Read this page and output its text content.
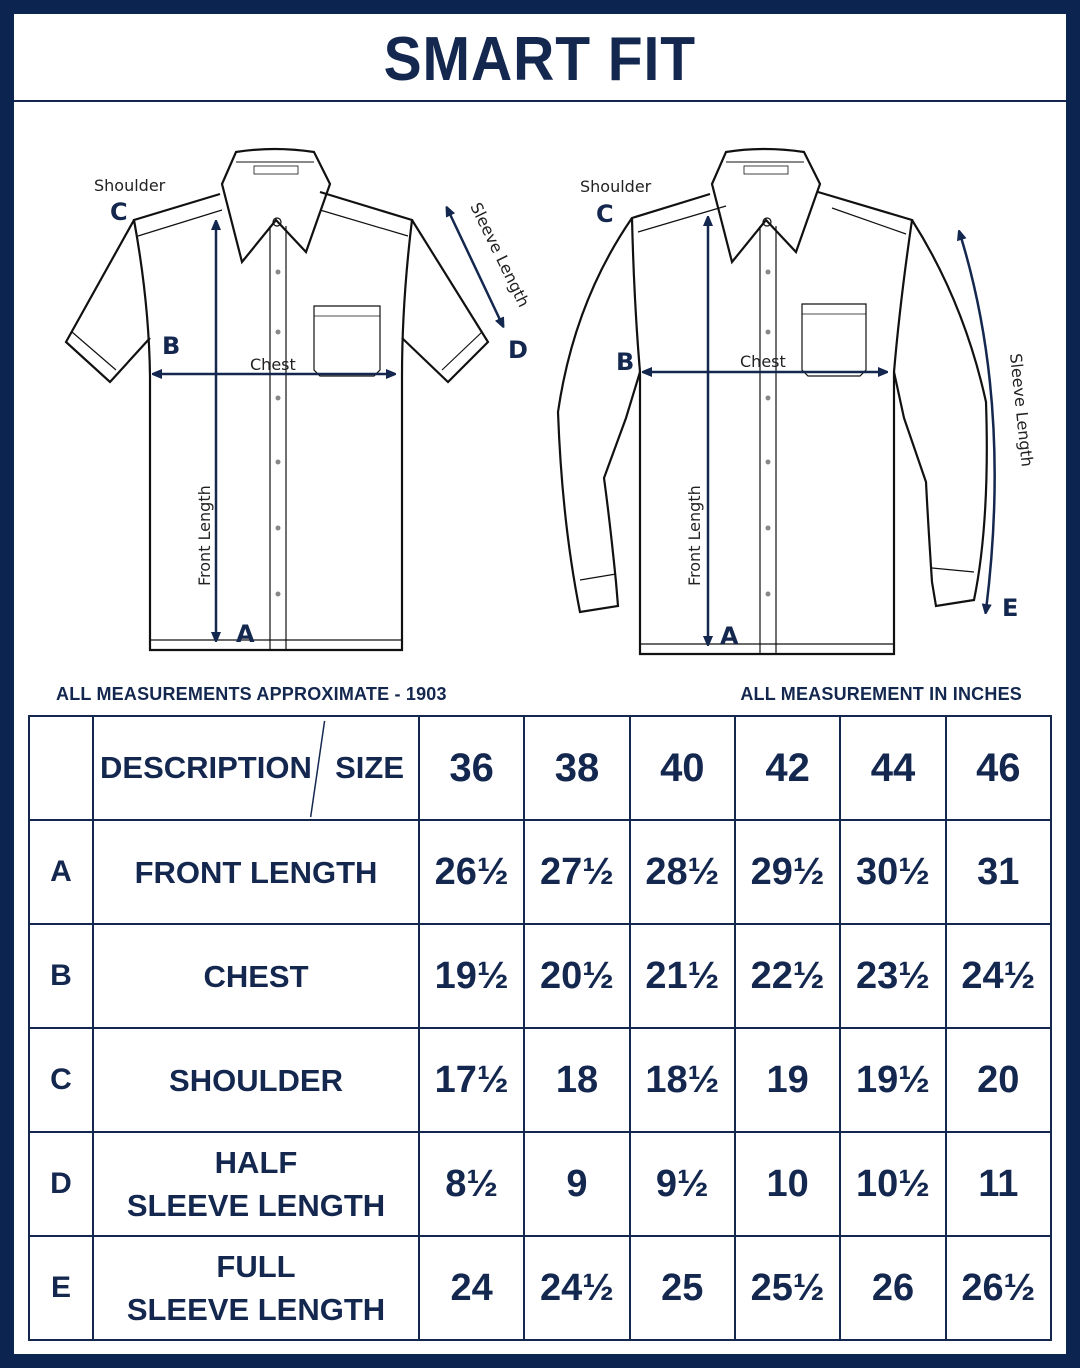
SMART FIT
Shoulder
C
B
Chest
D
A
Front Length
Sleeve Length
Shoulder
C
B	Chest
E
A
Front Length
Sleeve Length
ALL MEASUREMENTS APPROXIMATE - 1903	ALL MEASUREMENT IN INCHES

	DESCRIPTION SIZE	36	38	40	42	44	46
A	FRONT LENGTH	26½	27½	28½	29½	30½	31
B	CHEST	19½	20½	21½	22½	23½	24½
C	SHOULDER	17½	18	18½	19	19½	20
D	HALF
SLEEVE LENGTH	8½	9	9½	10	10½	11
E	FULL
SLEEVE LENGTH	24	24½	25	25½	26	26½
